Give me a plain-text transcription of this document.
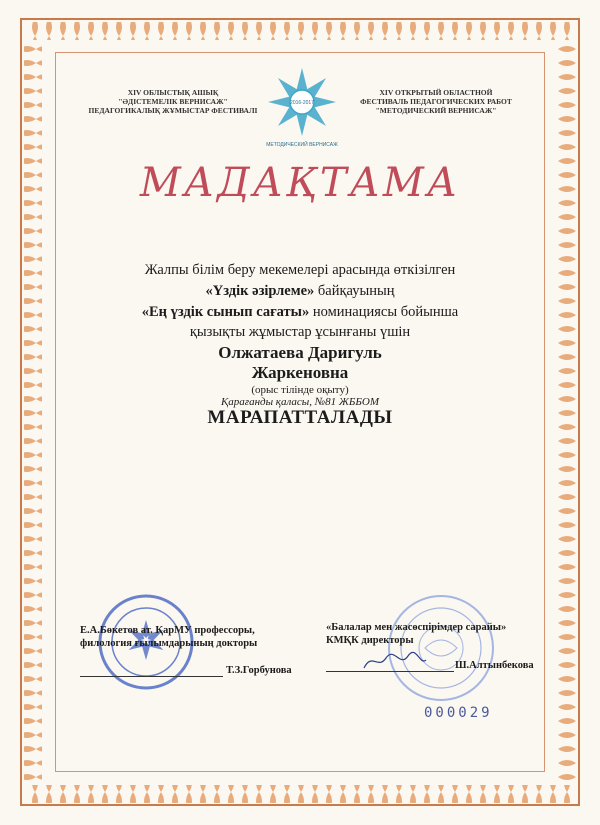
XIV ОБЛЫСТЫҚ АШЫҚ
"ӘДІСТЕМЕЛІК ВЕРНИСАЖ"
ПЕДАГОГИКАЛЫҚ ЖҰМЫСТАР ФЕСТИВАЛІ
2016-2017
МЕТОДИЧЕСКИЙ ВЕРНИСАЖ
XIV ОТКРЫТЫЙ ОБЛАСТНОЙ
ФЕСТИВАЛЬ ПЕДАГОГИЧЕСКИХ РАБОТ
"МЕТОДИЧЕСКИЙ ВЕРНИСАЖ"
МАДАҚТАМА
Жалпы білім беру мекемелері арасында өткізілген
«Үздік әзірлеме» байқауының
«Ең үздік сынып сағаты» номинациясы бойынша
қызықты жұмыстар ұсынғаны үшін
Олжатаева Даригуль
Жаркеновна
(орыс тілінде оқыту)
Қарағанды қаласы, №81 ЖББОМ
МАРАПАТТАЛАДЫ
Е.А.Бөкетов ат. ҚарМУ профессоры,
филология ғылымдарының докторы
Т.З.Горбунова
«Балалар мен жасөспірімдер сарайы»
КМҚК директоры
Ш.Алтынбекова
000029
